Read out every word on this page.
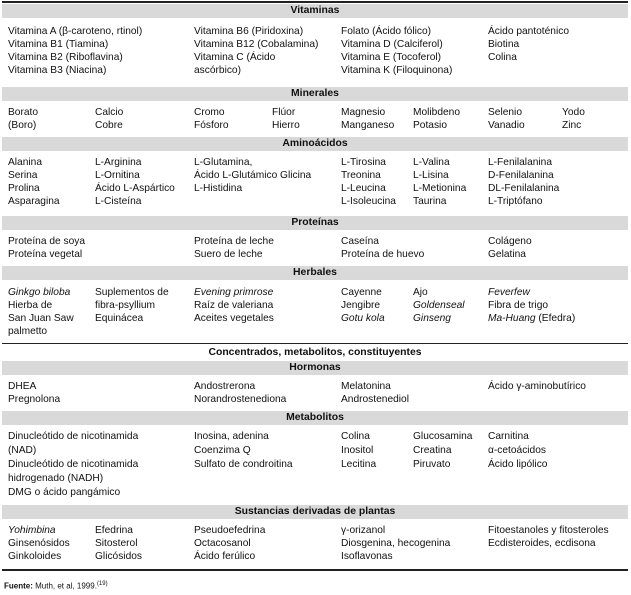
Vitaminas
Vitamina A (β-caroteno, rtinol)
Vitamina B1 (Tiamina)
Vitamina B2 (Riboflavina)
Vitamina B3 (Niacina)
Vitamina B6 (Piridoxina)
Vitamina B12 (Cobalamina)
Vitamina C (Ácido
ascórbico)
Folato (Ácido fólico)
Vitamina D (Calciferol)
Vitamina E (Tocoferol)
Vitamina K (Filoquinona)
Ácido pantoténico
Biotina
Colina
Minerales
Borato
(Boro)
Calcio
Cobre
Cromo
Fósforo
Flúor
Hierro
Magnesio
Manganeso
Molibdeno
Potasio
Selenio
Vanadio
Yodo
Zinc
Aminoácidos
Alanina
Serina
Prolina
Asparagina
L-Arginina
L-Ornitina
Ácido L-Aspártico
L-Cisteína
L-Glutamina,
Ácido L-Glutámico Glicina
L-Histidina
L-Tirosina
Treonina
L-Leucina
L-Isoleucina
L-Valina
L-Lisina
L-Metionina
Taurina
L-Fenilalanina
D-Fenilalanina
DL-Fenilalanina
L-Triptófano
Proteínas
Proteína de soya
Proteína vegetal
Proteína de leche
Suero de leche
Caseína
Proteína de huevo
Colágeno
Gelatina
Herbales
Ginkgo biloba
Hierba de
San Juan Saw
palmetto
Suplementos de
fibra-psyllium
Equinácea
Evening primrose
Raíz de valeriana
Aceites vegetales
Cayenne
Jengibre
Gotu kola
Ajo
Goldenseal
Ginseng
Feverfew
Fibra de trigo
Ma-Huang (Efedra)
Concentrados, metabolitos, constituyentes
Hormonas
DHEA
Pregnolona
Andostrerona
Norandrostenediona
Melatonina
Androstenediol
Ácido γ-aminobutírico
Metabolitos
Dinucleótido de nicotinamida
(NAD)
Dinucleótido de nicotinamida
hidrogenado (NADH)
DMG o ácido pangámico
Inosina, adenina
Coenzima Q
Sulfato de condroitina
Colina
Inositol
Lecitina
Glucosamina
Creatina
Piruvato
Carnitina
α-cetoácidos
Ácido lipólico
Sustancias derivadas de plantas
Yohimbina
Ginsenósidos
Ginkoloides
Efedrina
Sitosterol
Glicósidos
Pseudoefedrina
Octacosanol
Ácido ferúlico
γ-orizanol
Diosgenina, hecogenina
Isoflavonas
Fitoestanoles y fitosteroles
Ecdisteroides, ecdisona
Fuente: Muth, et al, 1999.$^{(19)}$
